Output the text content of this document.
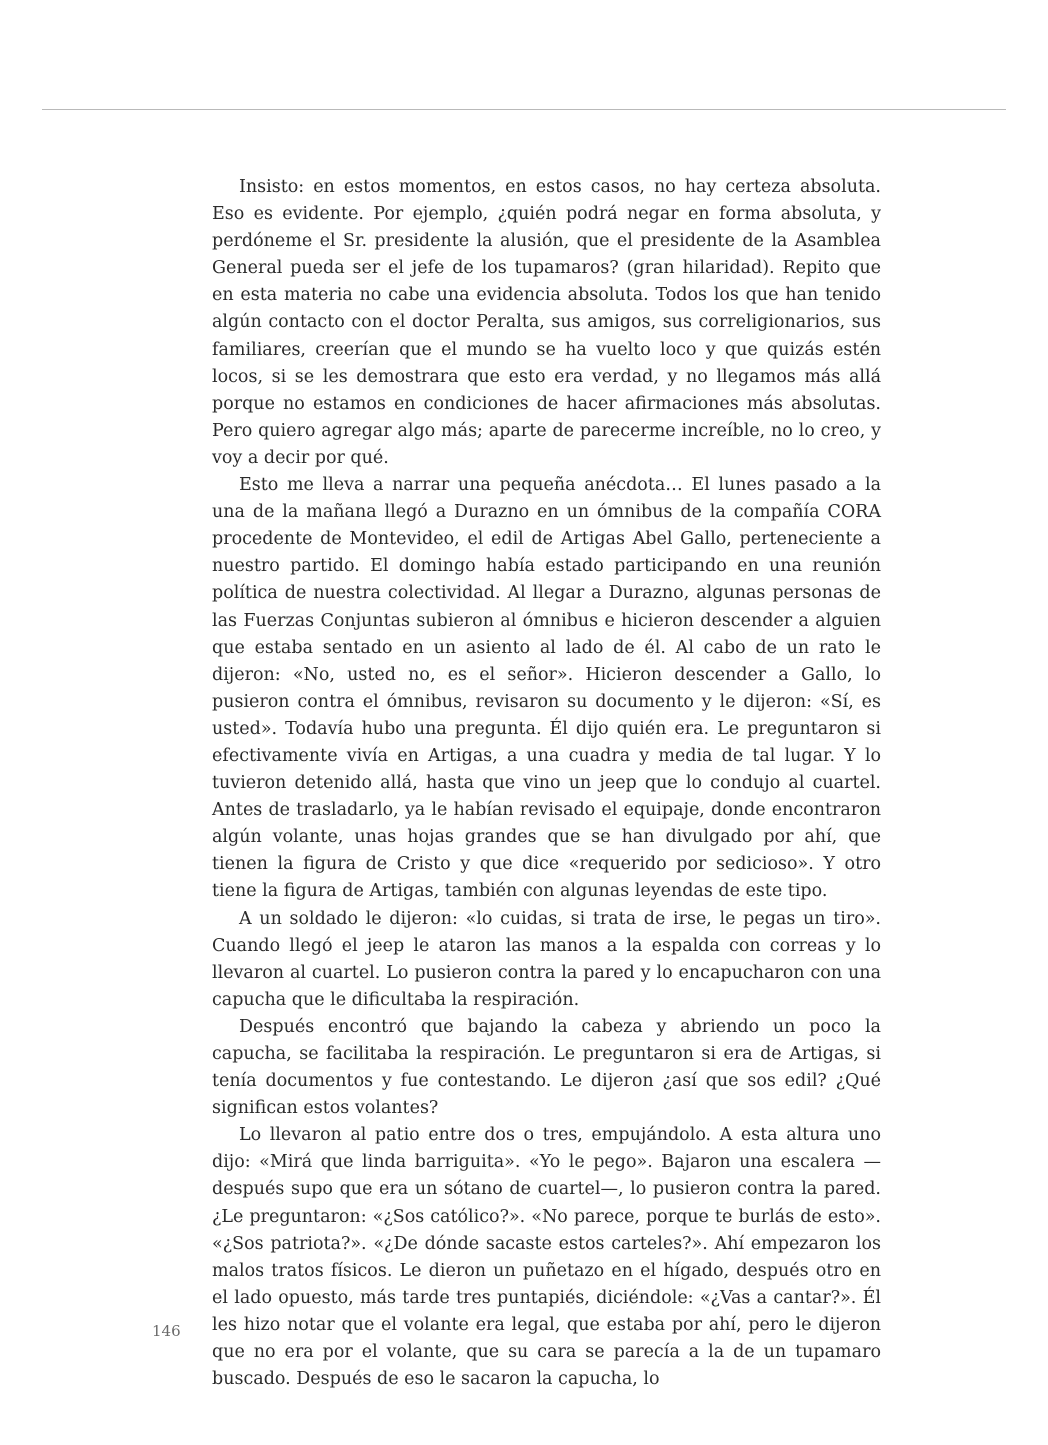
Insisto: en estos momentos, en estos casos, no hay certeza absoluta. Eso es evidente. Por ejemplo, ¿quién podrá negar en forma absoluta, y perdóneme el Sr. presidente la alusión, que el presidente de la Asamblea General pueda ser el jefe de los tupamaros? (gran hilaridad). Repito que en esta materia no cabe una evidencia absoluta. Todos los que han tenido algún contacto con el doctor Peralta, sus amigos, sus correligionarios, sus familiares, creerían que el mundo se ha vuelto loco y que quizás estén locos, si se les demostrara que esto era verdad, y no llegamos más allá porque no estamos en condiciones de hacer afirmaciones más absolutas. Pero quiero agregar algo más; aparte de parecerme increíble, no lo creo, y voy a decir por qué.

Esto me lleva a narrar una pequeña anécdota… El lunes pasado a la una de la mañana llegó a Durazno en un ómnibus de la compañía CORA procedente de Montevideo, el edil de Artigas Abel Gallo, perteneciente a nuestro partido. El domingo había estado participando en una reunión política de nuestra colectividad. Al llegar a Durazno, algunas personas de las Fuerzas Conjuntas subieron al ómnibus e hicieron descender a alguien que estaba sentado en un asiento al lado de él. Al cabo de un rato le dijeron: «No, usted no, es el señor». Hicieron descender a Gallo, lo pusieron contra el ómnibus, revisaron su documento y le dijeron: «Sí, es usted». Todavía hubo una pregunta. Él dijo quién era. Le preguntaron si efectivamente vivía en Artigas, a una cuadra y media de tal lugar. Y lo tuvieron detenido allá, hasta que vino un jeep que lo condujo al cuartel. Antes de trasladarlo, ya le habían revisado el equipaje, donde encontraron algún volante, unas hojas grandes que se han divulgado por ahí, que tienen la figura de Cristo y que dice «requerido por sedicioso». Y otro tiene la figura de Artigas, también con algunas leyendas de este tipo.

A un soldado le dijeron: «lo cuidas, si trata de irse, le pegas un tiro». Cuando llegó el jeep le ataron las manos a la espalda con correas y lo llevaron al cuartel. Lo pusieron contra la pared y lo encapucharon con una capucha que le dificultaba la respiración.

Después encontró que bajando la cabeza y abriendo un poco la capucha, se facilitaba la respiración. Le preguntaron si era de Artigas, si tenía documentos y fue contestando. Le dijeron ¿así que sos edil? ¿Qué significan estos volantes?

Lo llevaron al patio entre dos o tres, empujándolo. A esta altura uno dijo: «Mirá que linda barriguita». «Yo le pego». Bajaron una escalera —después supo que era un sótano de cuartel—, lo pusieron contra la pared. ¿Le preguntaron: «¿Sos católico?». «No parece, porque te burlás de esto». «¿Sos patriota?». «¿De dónde sacaste estos carteles?». Ahí empezaron los malos tratos físicos. Le dieron un puñetazo en el hígado, después otro en el lado opuesto, más tarde tres puntapiés, diciéndole: «¿Vas a cantar?». Él les hizo notar que el volante era legal, que estaba por ahí, pero le dijeron que no era por el volante, que su cara se parecía a la de un tupamaro buscado. Después de eso le sacaron la capucha, lo

146
